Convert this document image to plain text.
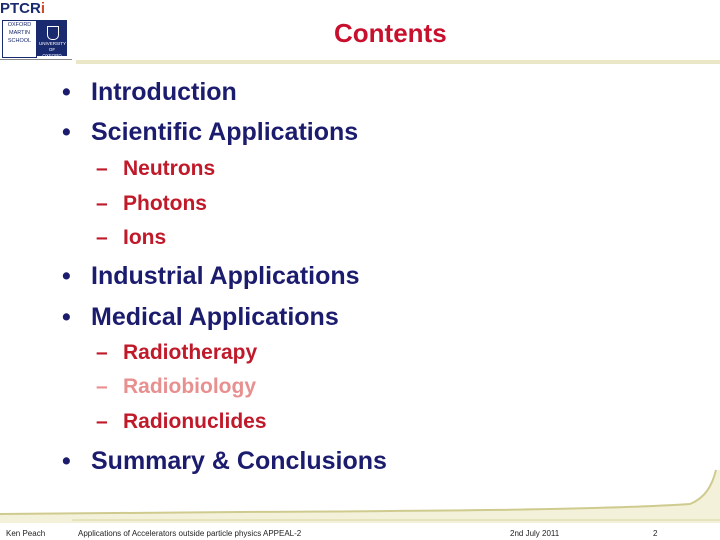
PTCRi
OXFORD
MARTIN
SCHOOL	UNIVERSITY OF
OXFORD
Contents
• Introduction
• Scientific Applications
– Neutrons
– Photons
– Ions
• Industrial Applications
• Medical Applications
– Radiotherapy
– Radiobiology
– Radionuclides
• Summary & Conclusions
Ken Peach	Applications of Accelerators outside particle physics APPEAL-2	2nd July 2011	2
